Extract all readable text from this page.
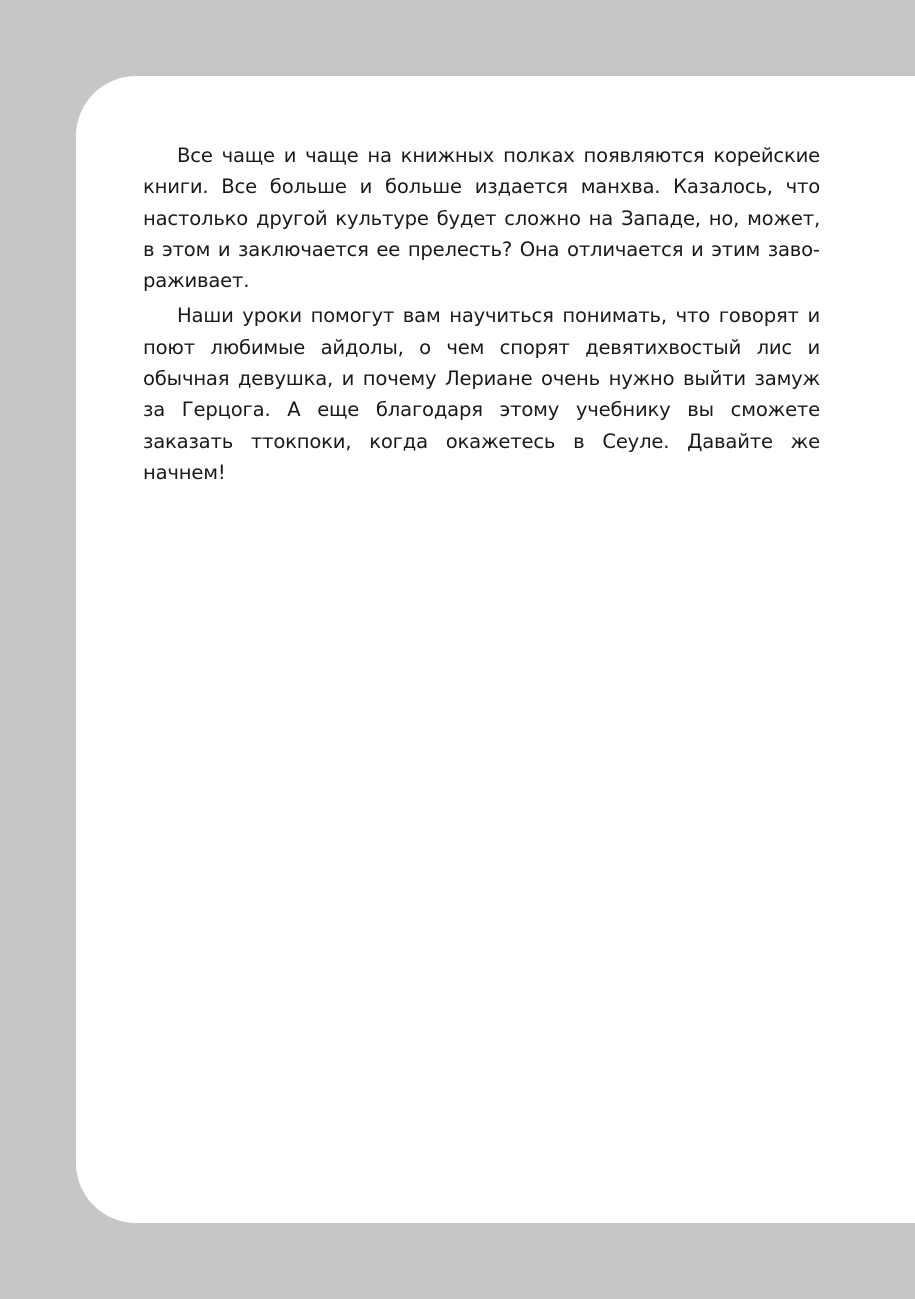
Все чаще и чаще на книжных полках появляются корейские книги. Все больше и больше издается манхва. Казалось, что настолько другой культуре будет сложно на Западе, но, может, в этом и заключается ее прелесть? Она отличается и этим завораживает.

Наши уроки помогут вам научиться понимать, что говорят и поют любимые айдолы, о чем спорят девятихвостый лис и обычная девушка, и почему Лериане очень нужно выйти замуж за Герцога. А еще благодаря этому учебнику вы сможете заказать ттокпоки, когда окажетесь в Сеуле. Давайте же начнем!
